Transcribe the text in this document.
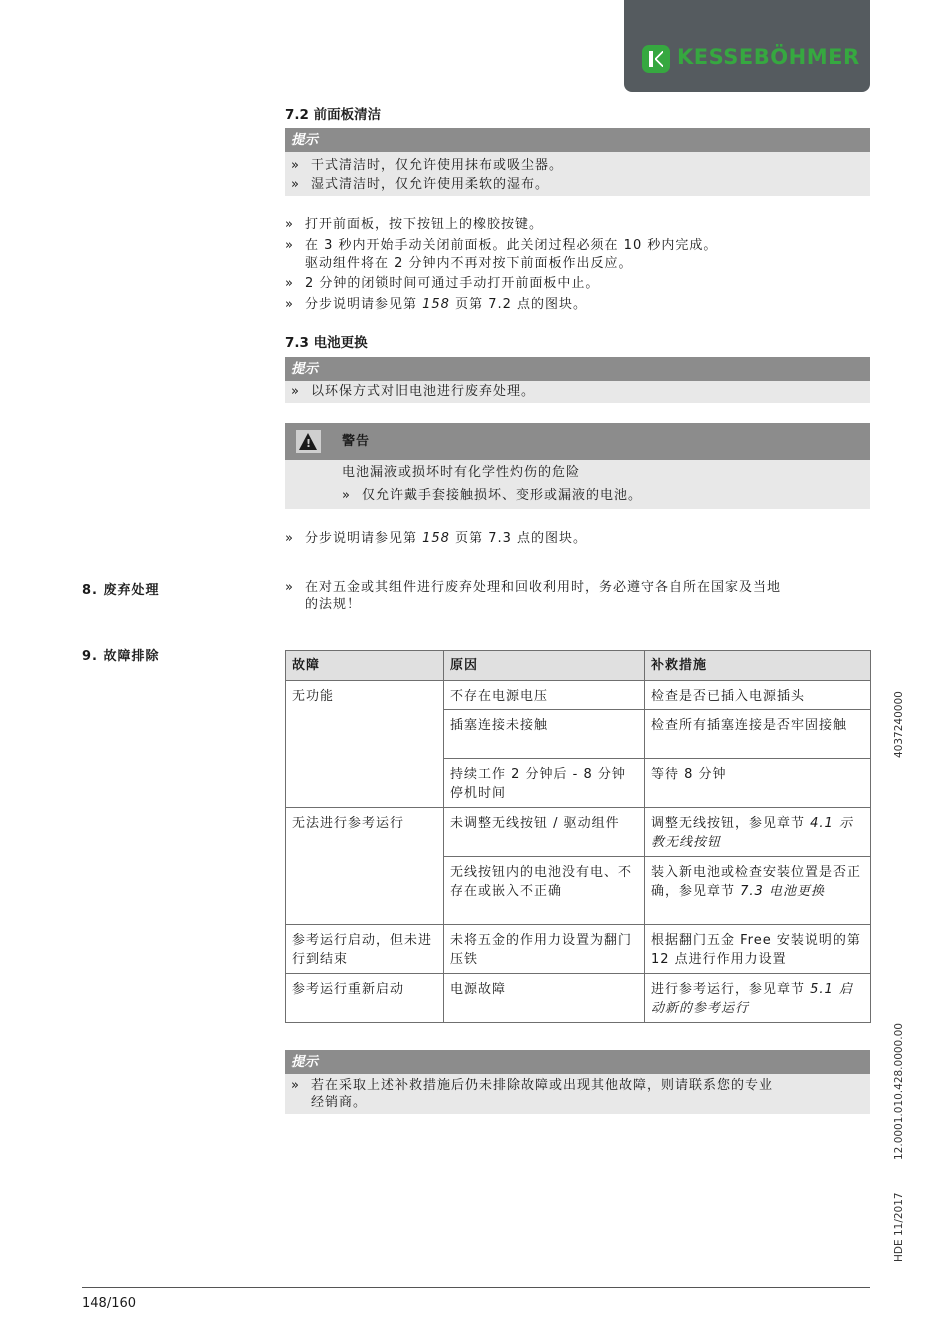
KESSEBÖHMER
7.2 前面板清洁
提示
» 干式清洁时，仅允许使用抹布或吸尘器。
» 湿式清洁时，仅允许使用柔软的湿布。
» 打开前面板，按下按钮上的橡胶按键。
» 在 3 秒内开始手动关闭前面板。此关闭过程必须在 10 秒内完成。
驱动组件将在 2 分钟内不再对按下前面板作出反应。
» 2 分钟的闭锁时间可通过手动打开前面板中止。
» 分步说明请参见第 158 页第 7.2 点的图块。
7.3 电池更换
提示
» 以环保方式对旧电池进行废弃处理。
!
警告
电池漏液或损坏时有化学性灼伤的危险
» 仅允许戴手套接触损坏、变形或漏液的电池。
» 分步说明请参见第 158 页第 7.3 点的图块。
8. 废弃处理	» 在对五金或其组件进行废弃处理和回收利用时，务必遵守各自所在国家及当地
的法规！
9. 故障排除
故障	原因	补救措施
无功能	不存在电源电压	检查是否已插入电源插头
	插塞连接未接触	检查所有插塞连接是否牢固接触
	持续工作 2 分钟后 - 8 分钟停机时间	等待 8 分钟
无法进行参考运行	未调整无线按钮 / 驱动组件	调整无线按钮，参见章节 4.1 示教无线按钮
	无线按钮内的电池没有电、不存在或嵌入不正确	装入新电池或检查安装位置是否正确，参见章节 7.3 电池更换
参考运行启动，但未进行到结束	未将五金的作用力设置为翻门压铁	根据翻门五金 Free 安装说明的第 12 点进行作用力设置
参考运行重新启动	电源故障	进行参考运行，参见章节 5.1 启动新的参考运行
提示
» 若在采取上述补救措施后仍未排除故障或出现其他故障，则请联系您的专业
经销商。
4037240000
12.0001.010.428.0000.00
HDE 11/2017
148/160
